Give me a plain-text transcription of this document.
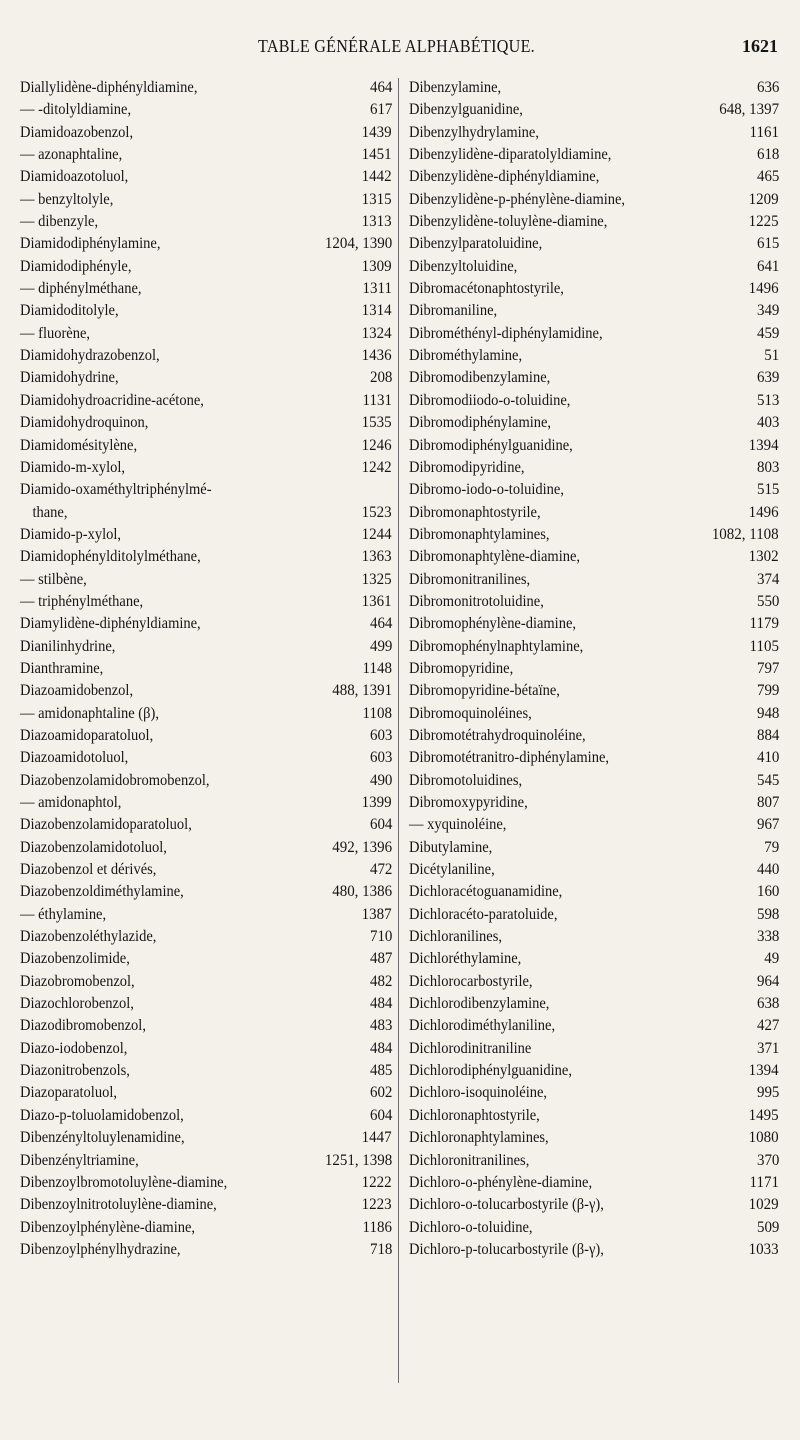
TABLE GÉNÉRALE ALPHABÉTIQUE.	1621
Diallylidène-diphényldiamine,	464
— -ditolyldiamine,	617
Diamidoazobenzol,	1439
— azonaphtaline,	1451
Diamidoazotoluol,	1442
— benzyltolyle,	1315
— dibenzyle,	1313
Diamidodiphénylamine,	1204, 1390
Diamidodiphényle,	1309
— diphénylméthane,	1311
Diamidoditolyle,	1314
— fluorène,	1324
Diamidohydrazobenzol,	1436
Diamidohydrine,	208
Diamidohydroacridine-acétone,	1131
Diamidohydroquinon,	1535
Diamidomésitylène,	1246
Diamido-m-xylol,	1242
Diamido-oxaméthyltriphénylmé-
thane,	1523
Diamido-p-xylol,	1244
Diamidophénylditolylméthane,	1363
— stilbène,	1325
— triphénylméthane,	1361
Diamylidène-diphényldiamine,	464
Dianilinhydrine,	499
Dianthramine,	1148
Diazoamidobenzol,	488, 1391
— amidonaphtaline (β),	1108
Diazoamidoparatoluol,	603
Diazoamidotoluol,	603
Diazobenzolamidobromobenzol,	490
— amidonaphtol,	1399
Diazobenzolamidoparatoluol,	604
Diazobenzolamidotoluol,	492, 1396
Diazobenzol et dérivés,	472
Diazobenzoldiméthylamine,	480, 1386
— éthylamine,	1387
Diazobenzoléthylazide,	710
Diazobenzolimide,	487
Diazobromobenzol,	482
Diazochlorobenzol,	484
Diazodibromobenzol,	483
Diazo-iodobenzol,	484
Diazonitrobenzols,	485
Diazoparatoluol,	602
Diazo-p-toluolamidobenzol,	604
Dibenzényltoluylenamidine,	1447
Dibenzényltriamine,	1251, 1398
Dibenzoylbromotoluylène-diamine,	1222
Dibenzoylnitrotoluylène-diamine,	1223
Dibenzoylphénylène-diamine,	1186
Dibenzoylphénylhydrazine,	718
Dibenzylamine,	636
Dibenzylguanidine,	648, 1397
Dibenzylhydrylamine,	1161
Dibenzylidène-diparatolyldiamine,	618
Dibenzylidène-diphényldiamine,	465
Dibenzylidène-p-phénylène-diamine,	1209
Dibenzylidène-toluylène-diamine,	1225
Dibenzylparatoluidine,	615
Dibenzyltoluidine,	641
Dibromacétonaphtostyrile,	1496
Dibromaniline,	349
Dibrométhényl-diphénylamidine,	459
Dibrométhylamine,	51
Dibromodibenzylamine,	639
Dibromodiiodo-o-toluidine,	513
Dibromodiphénylamine,	403
Dibromodiphénylguanidine,	1394
Dibromodipyridine,	803
Dibromo-iodo-o-toluidine,	515
Dibromonaphtostyrile,	1496
Dibromonaphtylamines,	1082, 1108
Dibromonaphtylène-diamine,	1302
Dibromonitranilines,	374
Dibromonitrotoluidine,	550
Dibromophénylène-diamine,	1179
Dibromophénylnaphtylamine,	1105
Dibromopyridine,	797
Dibromopyridine-bétaïne,	799
Dibromoquinoléines,	948
Dibromotétrahydroquinoléine,	884
Dibromotétranitro-diphénylamine,	410
Dibromotoluidines,	545
Dibromoxypyridine,	807
— xyquinoléine,	967
Dibutylamine,	79
Dicétylaniline,	440
Dichloracétoguanamidine,	160
Dichloracéto-paratoluide,	598
Dichloranilines,	338
Dichloréthylamine,	49
Dichlorocarbostyrile,	964
Dichlorodibenzylamine,	638
Dichlorodiméthylaniline,	427
Dichlorodinitraniline	371
Dichlorodiphénylguanidine,	1394
Dichloro-isoquinoléine,	995
Dichloronaphtostyrile,	1495
Dichloronaphtylamines,	1080
Dichloronitranilines,	370
Dichloro-o-phénylène-diamine,	1171
Dichloro-o-tolucarbostyrile (β-γ),	1029
Dichloro-o-toluidine,	509
Dichloro-p-tolucarbostyrile (β-γ),	1033
